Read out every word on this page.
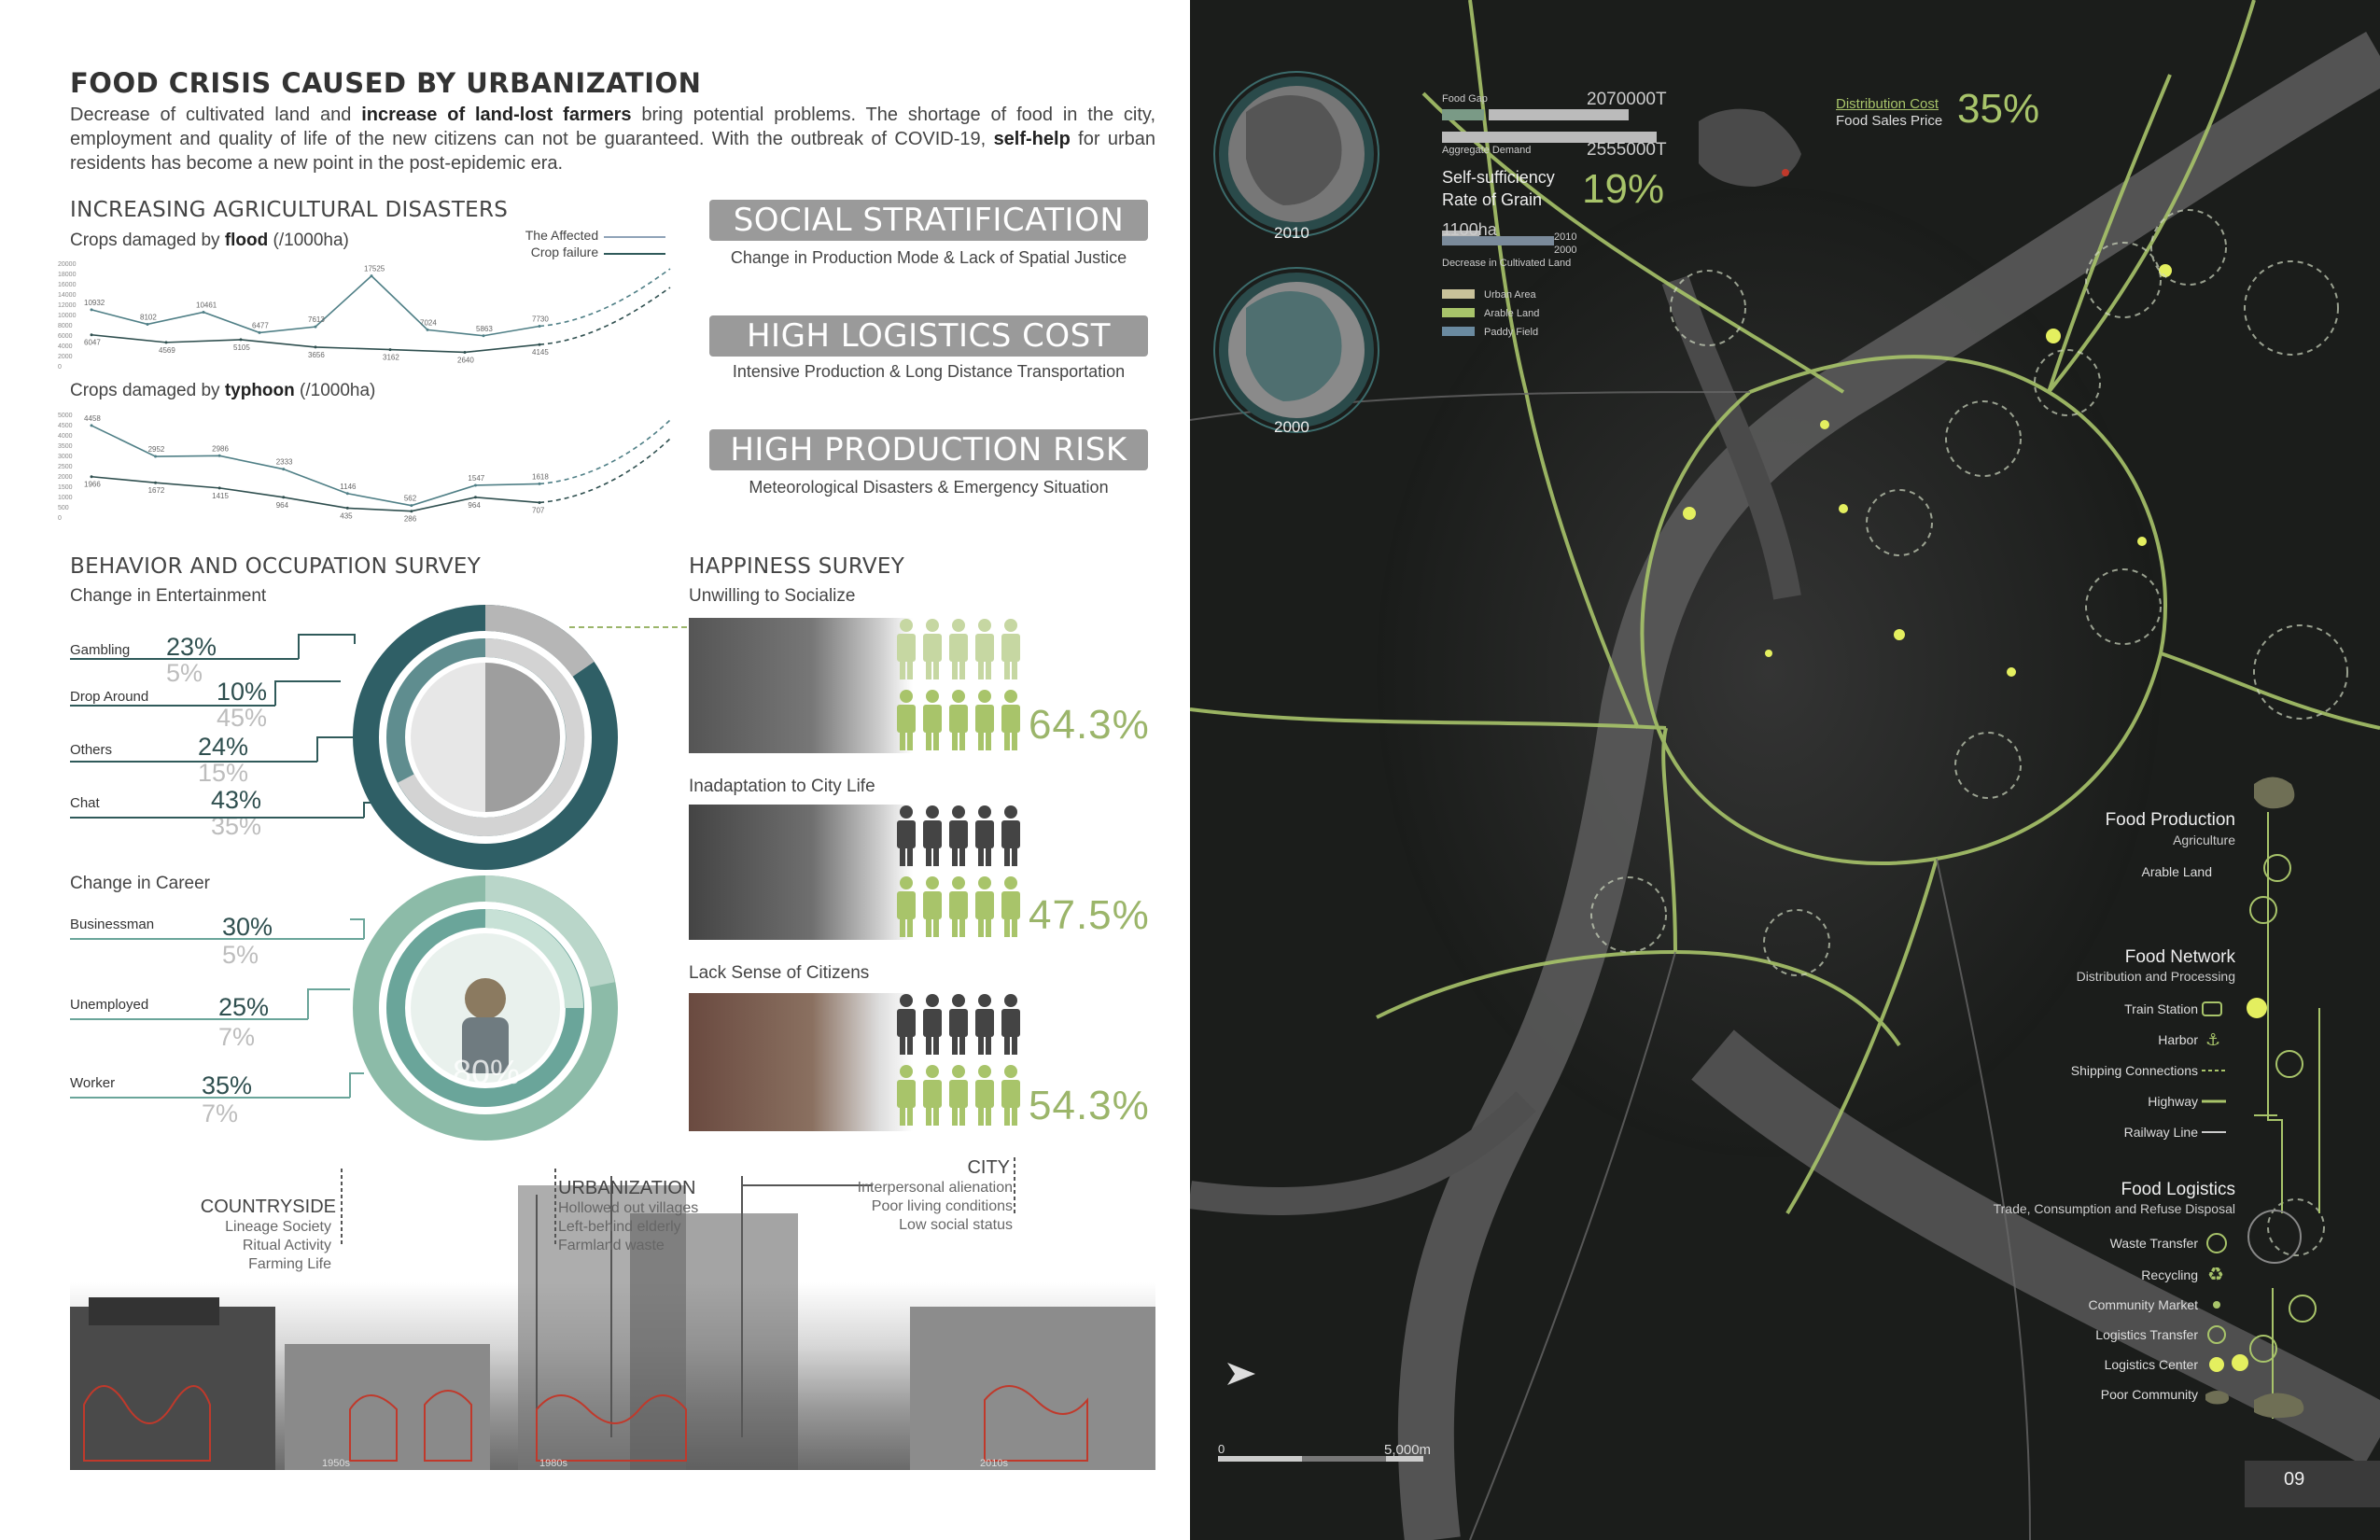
FOOD CRISIS CAUSED BY URBANIZATION
Decrease of cultivated land and increase of land-lost farmers bring potential problems. The shortage of food in the city, employment and quality of life of the new citizens can not be guaranteed. With the outbreak of COVID-19, self-help for urban residents has become a new point in the post-epidemic era.
INCREASING AGRICULTURAL DISASTERS
Crops damaged by flood (/1000ha)	The Affected
Crop failure
20000
18000
16000
14000
12000
10000
8000
6000
4000
2000
0
10932
8102
10461
6477
7613
17525
7024
5863
7730
6047
4569	5105
3656	3162	2640
4145
Crops damaged by typhoon (/1000ha)
5000
4500
4000
3500
3000
2500
2000
1500
1000
500
0
4458
2952	2986
2333
1146
562
1547	1618
1966
1672
1415
964
435	286
964
707
SOCIAL STRATIFICATION
Change in Production Mode & Lack of Spatial Justice
HIGH LOGISTICS COST
Intensive Production & Long Distance Transportation
HIGH PRODUCTION RISK
Meteorological Disasters & Emergency Situation
BEHAVIOR AND OCCUPATION SURVEY
Change in Entertainment
Gambling 23%
5%
Drop Around	10%
45%
Others	24%
15%
Chat	43%
35%
Change in Career
Businessman	30%
5%
Unemployed	25%
7%
Worker	35%
7%
80%
HAPPINESS SURVEY
Unwilling to Socialize
64.3%
Inadaptation to City Life
47.5%
Lack Sense of Citizens
54.3%
COUNTRYSIDE
Lineage Society
Ritual Activity
Farming Life
URBANIZATION
Hollowed out villages
Left-behind elderly
Farmland waste
CITY
Interpersonal alienation
Poor living conditions
Low social status
1950s	1980s	2010s
2010
2000
Food Gap	2070000T
Aggregate Demand	2555000T
Self-sufficiency
Rate of Grain 19%
1100ha	2010
2000
Decrease in Cultivated Land
Urban Area
Arable Land
Paddy Field
Distribution Cost
Food Sales Price 35%
0	5,000m
09
Food Production
Agriculture
Arable Land
Food Network
Distribution and Processing
Train Station
Harbor
Shipping Connections
Highway
Railway Line
⚓
Food Logistics
Trade, Consumption and Refuse Disposal
Waste Transfer
Recycling
Community Market
Logistics Transfer
Logistics Center
Poor Community
♻
